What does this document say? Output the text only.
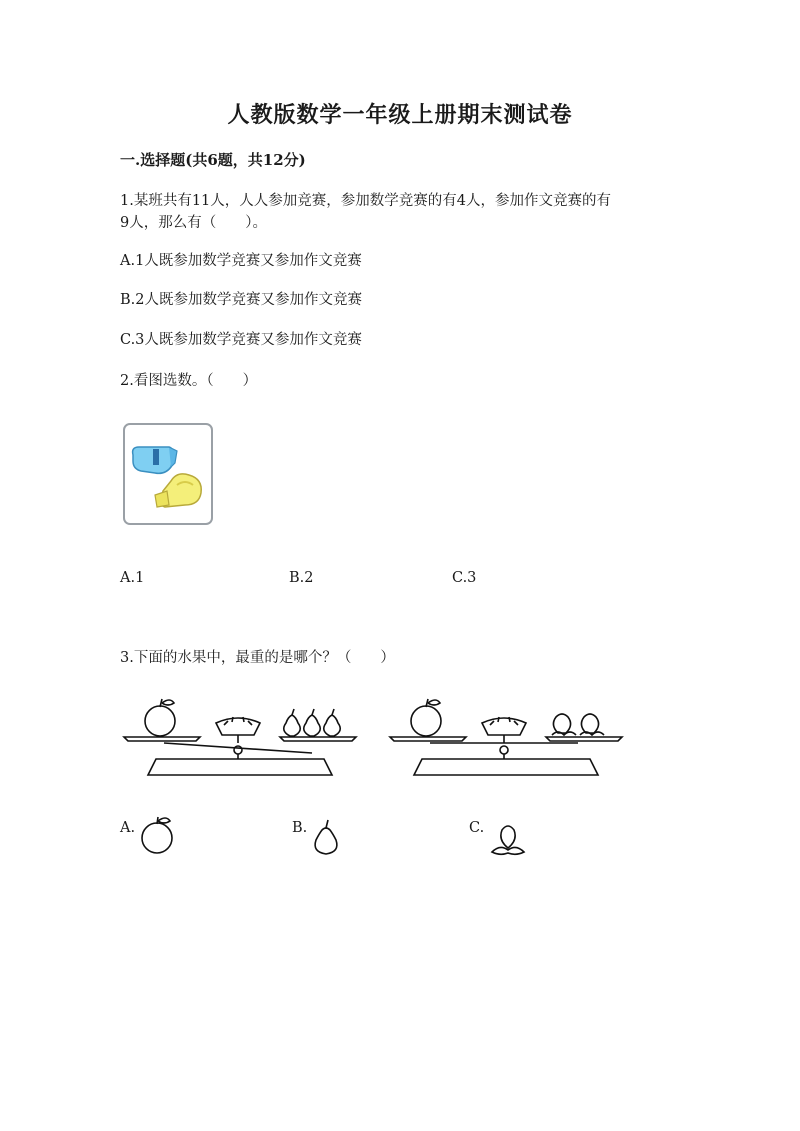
人教版数学一年级上册期末测试卷
一.选择题(共6题，共12分)
1.某班共有11人，人人参加竞赛，参加数学竞赛的有4人，参加作文竞赛的有
9人，那么有（　　）。
A.1人既参加数学竞赛又参加作文竞赛
B.2人既参加数学竞赛又参加作文竞赛
C.3人既参加数学竞赛又参加作文竞赛
2.看图选数。（　　）
A.1	B.2	C.3
3.下面的水果中，最重的是哪个？（　　）
A.	B.	C.
